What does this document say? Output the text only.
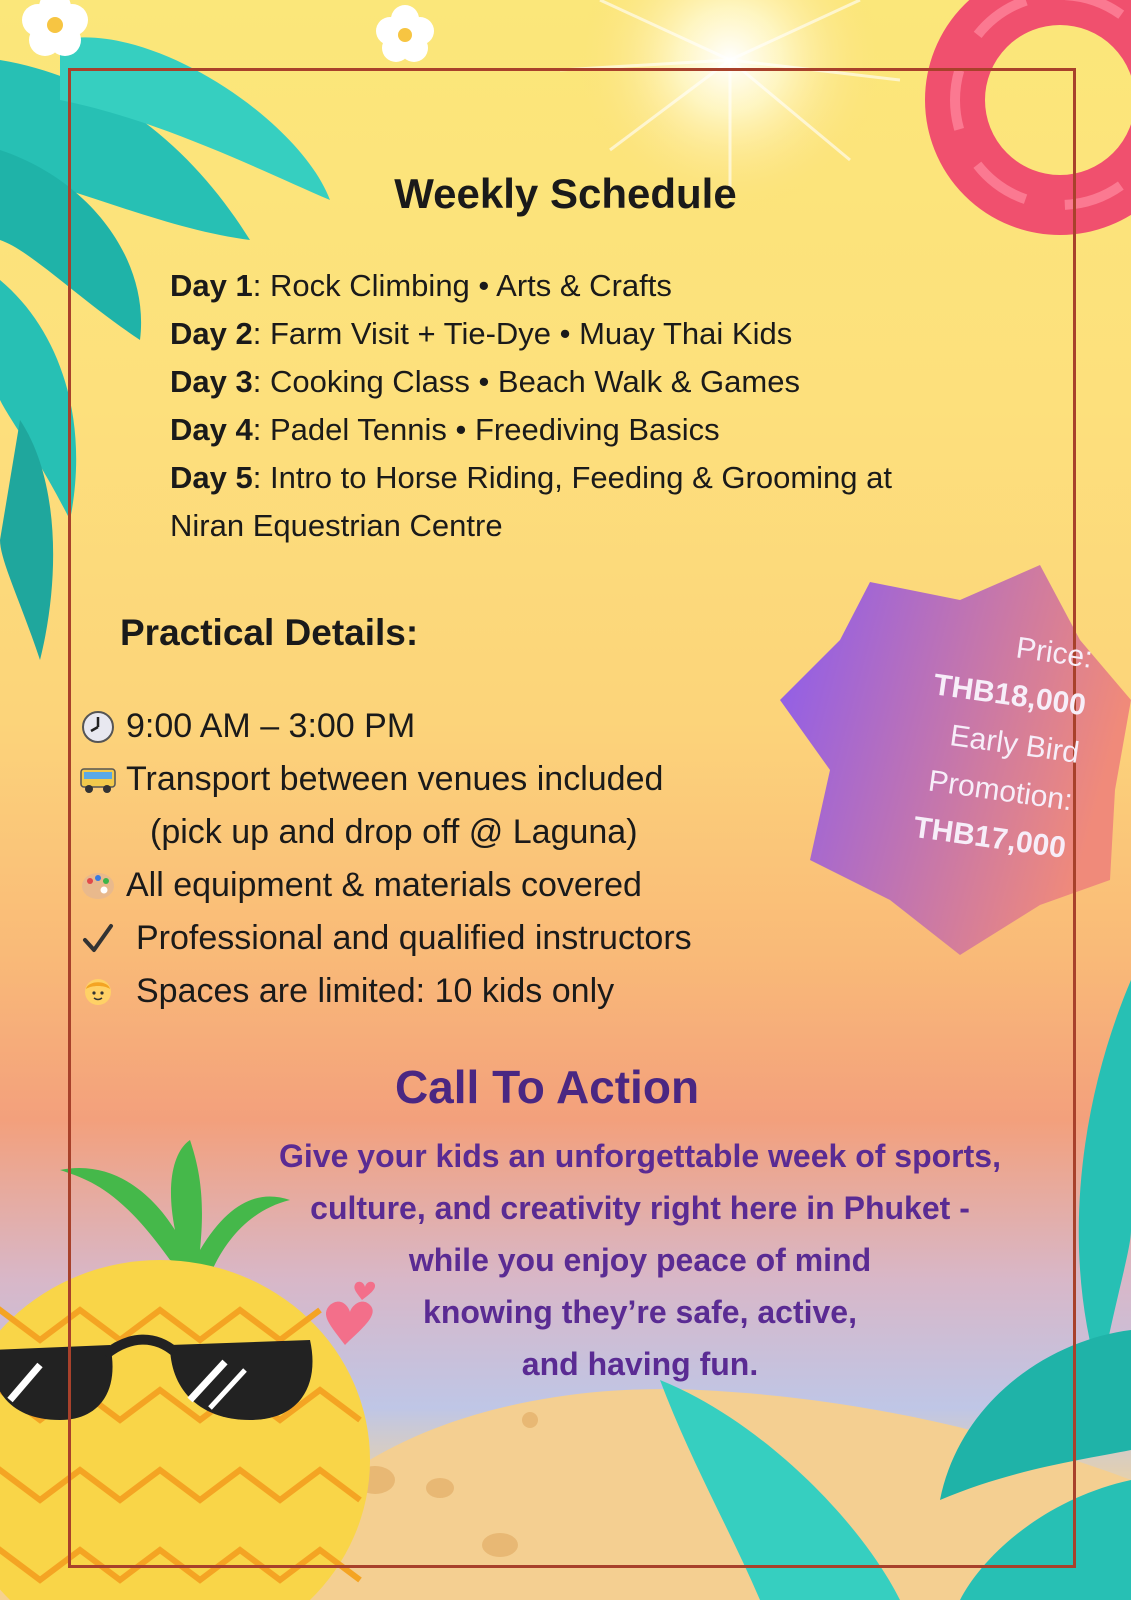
Weekly Schedule
Day 1: Rock Climbing • Arts & Crafts
Day 2: Farm Visit + Tie-Dye • Muay Thai Kids
Day 3: Cooking Class • Beach Walk & Games
Day 4: Padel Tennis • Freediving Basics
Day 5: Intro to Horse Riding, Feeding & Grooming at
Niran Equestrian Centre
Practical Details:
9:00 AM – 3:00 PM
Transport between venues included
(pick up and drop off @ Laguna)
All equipment & materials covered
Professional and qualified instructors
Spaces are limited: 10 kids only
Price:
THB18,000
Early Bird
Promotion:
THB17,000
Call To Action
Give your kids an unforgettable week of sports,
culture, and creativity right here in Phuket -
while you enjoy peace of mind
knowing they’re safe, active,
and having fun.
